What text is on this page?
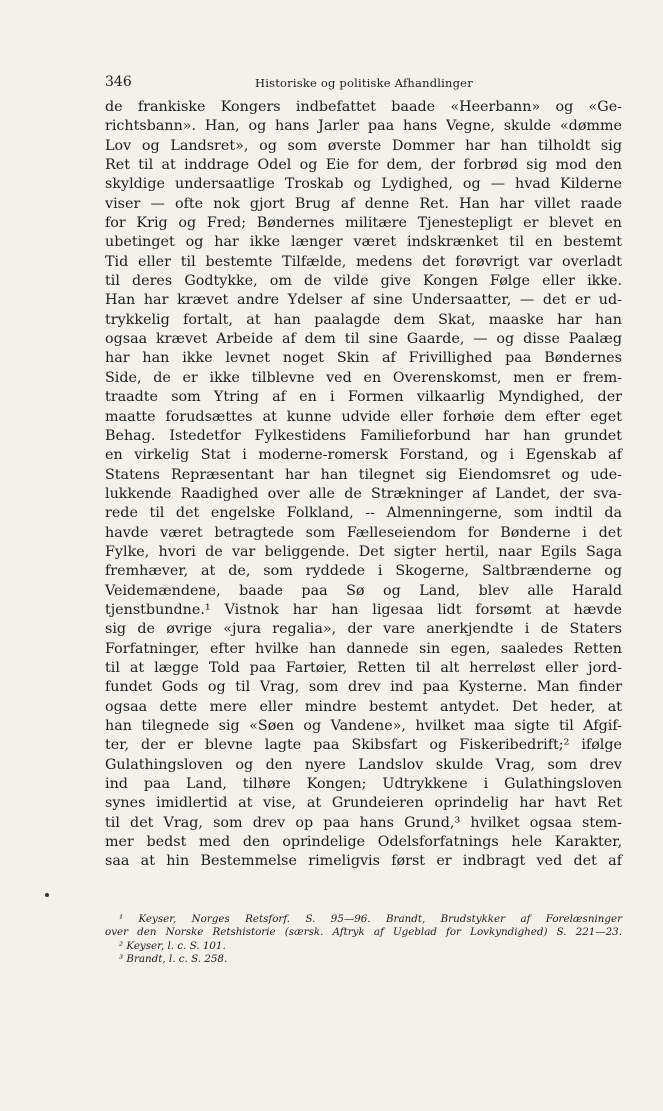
346	Historiske og politiske Afhandlinger
de frankiske Kongers indbefattet baade «Heerbann» og «Ge-
richtsbann». Han, og hans Jarler paa hans Vegne, skulde «dømme
Lov og Landsret», og som øverste Dommer har han tilholdt sig
Ret til at inddrage Odel og Eie for dem, der forbrød sig mod den
skyldige undersaatlige Troskab og Lydighed, og — hvad Kilderne
viser — ofte nok gjort Brug af denne Ret. Han har villet raade
for Krig og Fred; Bøndernes militære Tjenestepligt er blevet en
ubetinget og har ikke længer været indskrænket til en bestemt
Tid eller til bestemte Tilfælde, medens det forøvrigt var overladt
til deres Godtykke, om de vilde give Kongen Følge eller ikke.
Han har krævet andre Ydelser af sine Undersaatter, — det er ud-
trykkelig fortalt, at han paalagde dem Skat, maaske har han
ogsaa krævet Arbeide af dem til sine Gaarde, — og disse Paalæg
har han ikke levnet noget Skin af Frivillighed paa Bøndernes
Side, de er ikke tilblevne ved en Overenskomst, men er frem-
traadte som Ytring af en i Formen vilkaarlig Myndighed, der
maatte forudsættes at kunne udvide eller forhøie dem efter eget
Behag. Istedetfor Fylkestidens Familieforbund har han grundet
en virkelig Stat i moderne-romersk Forstand, og i Egenskab af
Statens Repræsentant har han tilegnet sig Eiendomsret og ude-
lukkende Raadighed over alle de Strækninger af Landet, der sva-
rede til det engelske Folkland, -- Almenningerne, som indtil da
havde været betragtede som Fælleseiendom for Bønderne i det
Fylke, hvori de var beliggende. Det sigter hertil, naar Egils Saga
fremhæver, at de, som ryddede i Skogerne, Saltbrænderne og
Veidemændene, baade paa Sø og Land, blev alle Harald
tjenstbundne.¹ Vistnok har han ligesaa lidt forsømt at hævde
sig de øvrige «jura regalia», der vare anerkjendte i de Staters
Forfatninger, efter hvilke han dannede sin egen, saaledes Retten
til at lægge Told paa Fartøier, Retten til alt herreløst eller jord-
fundet Gods og til Vrag, som drev ind paa Kysterne. Man finder
ogsaa dette mere eller mindre bestemt antydet. Det heder, at
han tilegnede sig «Søen og Vandene», hvilket maa sigte til Afgif-
ter, der er blevne lagte paa Skibsfart og Fiskeribedrift;² ifølge
Gulathingsloven og den nyere Landslov skulde Vrag, som drev
ind paa Land, tilhøre Kongen; Udtrykkene i Gulathingsloven
synes imidlertid at vise, at Grundeieren oprindelig har havt Ret
til det Vrag, som drev op paa hans Grund,³ hvilket ogsaa stem-
mer bedst med den oprindelige Odelsforfatnings hele Karakter,
saa at hin Bestemmelse rimeligvis først er indbragt ved det af
¹ Keyser, Norges Retsforf. S. 95—96. Brandt, Brudstykker af Forelæsninger
over den Norske Retshistorie (særsk. Aftryk af Ugeblad for Lovkyndighed) S. 221—23.
² Keyser, l. c. S. 101.
³ Brandt, l. c. S. 258.
